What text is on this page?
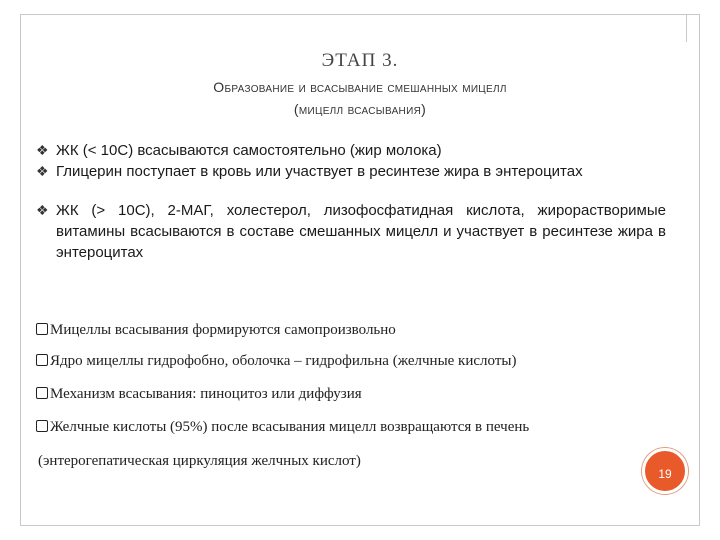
ЭТАП 3.
Образование и всасывание смешанных мицелл
(мицелл всасывания)
❖ ЖК (< 10С) всасываются самостоятельно (жир молока)
❖ Глицерин поступает в кровь или участвует в ресинтезе жира в энтероцитах
❖ ЖК (> 10С), 2-МАГ, холестерол, лизофосфатидная кислота, жирорастворимые витамины всасываются в составе смешанных мицелл и участвует в ресинтезе жира в энтероцитах
Мицеллы всасывания формируются самопроизвольно
Ядро мицеллы гидрофобно, оболочка – гидрофильна (желчные кислоты)
Механизм всасывания: пиноцитоз или диффузия
Желчные кислоты (95%) после всасывания мицелл возвращаются в печень
(энтерогепатическая циркуляция желчных кислот)
19
